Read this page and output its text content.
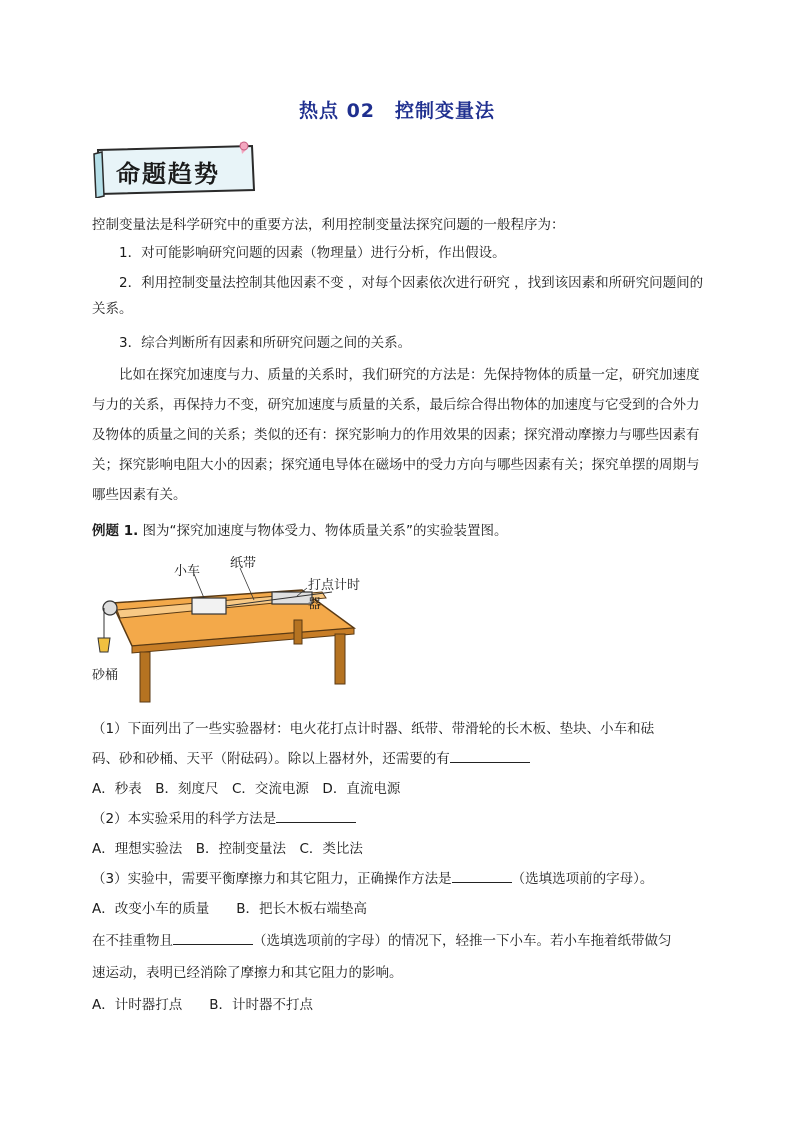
热点 02　控制变量法
命题趋势
控制变量法是科学研究中的重要方法，利用控制变量法探究问题的一般程序为：
1．对可能影响研究问题的因素（物理量）进行分析，作出假设。
2．利用控制变量法控制其他因素不变 ，对每个因素依次进行研究 ，找到该因素和所研究问题间的关系。
3．综合判断所有因素和所研究问题之间的关系。
比如在探究加速度与力、质量的关系时，我们研究的方法是：先保持物体的质量一定，研究加速度与力的关系，再保持力不变，研究加速度与质量的关系，最后综合得出物体的加速度与它受到的合外力及物体的质量之间的关系；类似的还有：探究影响力的作用效果的因素；探究滑动摩擦力与哪些因素有关；探究影响电阻大小的因素；探究通电导体在磁场中的受力方向与哪些因素有关；探究单摆的周期与哪些因素有关。
例题 1. 图为“探究加速度与物体受力、物体质量关系”的实验装置图。
小车
纸带
打点计时器
砂桶
（1）下面列出了一些实验器材：电火花打点计时器、纸带、带滑轮的长木板、垫块、小车和砝
码、砂和砂桶、天平（附砝码）。除以上器材外，还需要的有
A．秒表　B．刻度尺　C．交流电源　D．直流电源
（2）本实验采用的科学方法是
A．理想实验法　B．控制变量法　C．类比法
（3）实验中，需要平衡摩擦力和其它阻力，正确操作方法是	（选填选项前的字母）。
A．改变小车的质量　　B．把长木板右端垫高
在不挂重物且	（选填选项前的字母）的情况下，轻推一下小车。若小车拖着纸带做匀
速运动，表明已经消除了摩擦力和其它阻力的影响。
A．计时器打点　　B．计时器不打点
